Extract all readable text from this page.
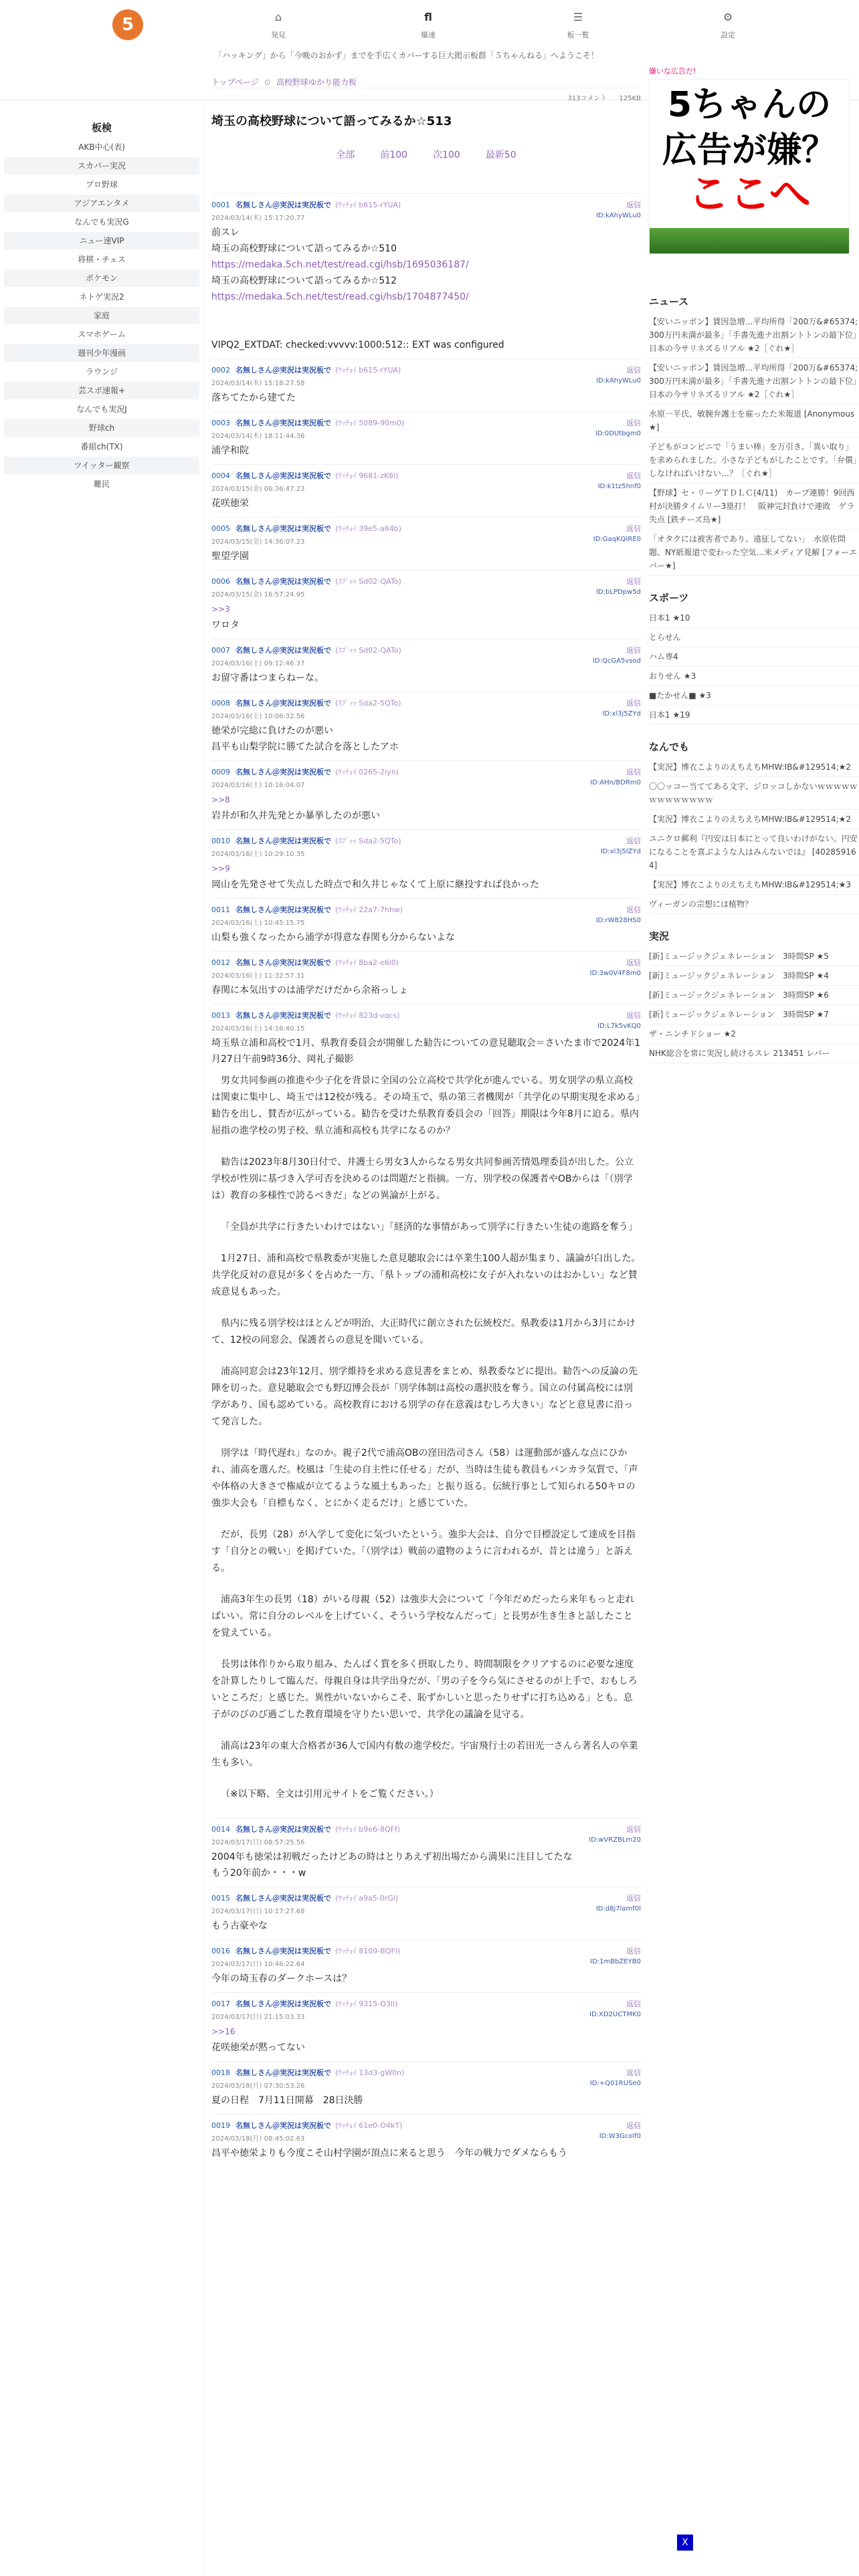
5	⌂
発見
fl
爆速
☰
板一覧
⚙
設定
「ハッキング」から「今晩のおかず」までを手広くカバーする巨大掲示板群「５ちゃんねる」へようこそ！
板検
AKB中心(表)
スカパー実況
プロ野球
アジアエンタメ
なんでも実況G
ニュー速VIP
将棋・チェス
ポケモン
ネトゲ実況2
家庭
スマホゲーム
週刊少年漫画
ラウンジ
芸スポ速報+
なんでも実況J
野球ch
番組ch(TX)
ツイッター観察
難民
トップページ ⊙ 高校野球ゆかり能力板
313コメント 125KB
埼玉の高校野球について語ってみるか☆513
全部	前100	次100	最新50
0001 名無しさん＠実況は実況板で (ﾜｯﾁｮｲ b615-rYUA)	返信
2024/03/14(木) 15:17:20.77	ID:kAhyWLu0
前スレ
埼玉の高校野球について語ってみるか☆510
https://medaka.5ch.net/test/read.cgi/hsb/1695036187/
埼玉の高校野球について語ってみるか☆512
https://medaka.5ch.net/test/read.cgi/hsb/1704877450/

VIPQ2_EXTDAT: checked:vvvvv:1000:512:: EXT was configured
0002 名無しさん＠実況は実況板で (ﾜｯﾁｮｲ b615-rYUA)	返信
2024/03/14(木) 15:18:27.58	ID:kAhyWLu0
落ちてたから建てた
0003 名無しさん＠実況は実況板で (ﾜｯﾁｮｲ 5089-90m0)	返信
2024/03/14(木) 18:11:44.36	ID:0DUtbgm0
浦学和院
0004 名無しさん＠実況は実況板で (ﾜｯﾁｮｲ 9681-zK6l)	返信
2024/03/15(金) 06:36:47.23	ID:k1tz5hnf0
花咲徳栄
0005 名無しさん＠実況は実況板で (ﾜｯﾁｮｲ 39e5-a64b)	返信
2024/03/15(金) 14:36:07.23	ID:GaqKQIRE0
聖望学園
0006 名無しさん＠実況は実況板で (ｽﾌﾟｯｯ Sd02-QATo)	返信
2024/03/15(金) 16:57:24.95	ID:bLPDpw5d
>>3
ワロタ
0007 名無しさん＠実況は実況板で (ｽﾌﾟｯｯ Sd02-QATo)	返信
2024/03/16(土) 09:12:46.37	ID:QcGA5vsod
お留守番はつまらねーな。
0008 名無しさん＠実況は実況板で (ｽﾌﾟｯｯ Sda2-5QTo)	返信
2024/03/16(土) 10:06:32.56	ID:xl3j5ZYd
徳栄が完総に負けたのが悪い
昌平も山梨学院に勝てた試合を落としたアホ
0009 名無しさん＠実況は実況板で (ﾜｯﾁｮｲ 0265-2iyn)	返信
2024/03/16(土) 10:16:04.07	ID:AHn/BDRm0
>>8
岩井が和久井先発とか暴挙したのが悪い
0010 名無しさん＠実況は実況板で (ｽﾌﾟｯｯ Sda2-5QTo)	返信
2024/03/16(土) 10:29:10.35	ID:xl3j5lZYd
>>9
岡山を先発させて失点した時点で和久井じゃなくて上原に継投すれば良かった
0011 名無しさん＠実況は実況板で (ﾜｯﾁｮｲ 22a7-7hhw)	返信
2024/03/16(土) 10:45:15.75	ID:rW828HS0
山梨も強くなったから浦学が得意な春関も分からないよな
0012 名無しさん＠実況は実況板で (ﾜｯﾁｮｲ 8ba2-e6l0)	返信
2024/03/16(土) 11:32:57.31	ID:3w0V4F8m0
春関に本気出すのは浦学だけだから余裕っしょ
0013 名無しさん＠実況は実況板で (ﾜｯﾁｮｲ 823d-vqcs)	返信
2024/03/16(土) 14:16:40.15	ID:L7k5vKQ0
埼玉県立浦和高校で1月、県教育委員会が開催した勧告についての意見聴取会＝さいたま市で2024年1月27日午前9時36分、岡礼子撮影

男女共同参画の推進や少子化を背景に全国の公立高校で共学化が進んでいる。男女別学の県立高校は関東に集中し、埼玉では12校が残る。その埼玉で、県の第三者機関が「共学化の早期実現を求める」勧告を出し、賛否が広がっている。勧告を受けた県教育委員会の「回答」期限は今年8月に迫る。県内屈指の進学校の男子校、県立浦和高校も共学になるのか？

勧告は2023年8月30日付で、井護士ら男女3人からなる男女共同参画苦情処理委員が出した。公立学校が性別に基づき入学可否を決めるのは問題だと指摘。一方、別学校の保護者やOBからは「（別学は）教育の多様性で誇るべきだ」などの異論が上がる。

「全員が共学に行きたいわけではない」「経済的な事情があって別学に行きたい生徒の進路を奪う」

1月27日、浦和高校で県教委が実施した意見聴取会には卒業生100人超が集まり、議論が白出した。共学化反対の意見が多くを占めた一方、「県トップの浦和高校に女子が入れないのはおかしい」など賛成意見もあった。

県内に残る別学校はほとんどが明治、大正時代に創立された伝統校だ。県教委は1月から3月にかけて、12校の同窓会、保護者らの意見を聞いている。

浦高同窓会は23年12月、別学維持を求める意見書をまとめ、県教委などに提出。勧告への反論の先陣を切った。意見聴取会でも野辺博会長が「別学体制は高校の選択肢を奪う。国立の付属高校には別学があり、国も認めている。高校教育における別学の存在意義はむしろ大きい」などと意見書に沿って発言した。

別学は「時代遅れ」なのか。親子2代で浦高OBの窪田浩司さん（58）は運動部が盛んな点にひかれ、浦高を選んだ。校風は「生徒の自主性に任せる」だが、当時は生徒も教員もバンカラ気質で、「声や体格の大きさで権威が立てるような風土もあった」と振り返る。伝統行事として知られる50キロの強歩大会も「自標もなく、とにかく走るだけ」と感じていた。

だが、長男（28）が入学して変化に気づいたという。強歩大会は、自分で目標設定して達成を目指す「自分との戦い」を掲げていた。「（別学は）戦前の遺物のように言われるが、昔とは違う」と訴える。

浦高3年生の長男（18）がいる母親（52）は強歩大会について「今年だめだったら来年もっと走ればいい。常に自分のレベルを上げていく、そういう学校なんだって」と長男が生き生きと話したことを覚えている。

長男は体作りから取り組み、たんぱく質を多く摂取したり、時間制限をクリアするのに必要な速度を計算したりして臨んだ。母親自身は共学出身だが、「男の子を今ら気にさせるのが上手で、おもしろいところだ」と感じた。異性がいないからこそ、恥ずかしいと思ったりせずに打ち込める」とも。息子がのびのび過ごした教育環境を守りたい思いで、共学化の議論を見守る。

浦高は23年の東大合格者が36人で国内有数の進学校だ。宇宙飛行士の若田光一さんら著名人の卒業生も多い。

（※以下略、全文は引用元サイトをご覧ください。）

0014 名無しさん＠実況は実況板で (ﾜｯﾁｮｲ b9e6-8QFf)	返信
2024/03/17(日) 08:57:25.56	ID:wVRZBLm20
2004年も徳栄は初戦だったけどあの時はとりあえず初出場だから満果に注目してたな
もう20年前か・・・w
0015 名無しさん＠実況は実況板で (ﾜｯﾁｮｲ a9a5-0rGl)	返信
2024/03/17(日) 10:17:27.68	ID:d8j7lamf0l
もう古豪やな
0016 名無しさん＠実況は実況板で (ﾜｯﾁｮｲ 8109-BQFl)	返信
2024/03/17(日) 10:46:22.64	ID:1mBbZEYB0
今年の埼玉春のダークホースは？
0017 名無しさん＠実況は実況板で (ﾜｯﾁｮｲ 9315-Q3Il)	返信
2024/03/17(日) 21:15:03.33	ID:XD2UCTMK0
>>16
花咲徳栄が黙ってない
0018 名無しさん＠実況は実況板で (ﾜｯﾁｮｲ 13d3-gW0n)	返信
2024/03/18(月) 07:30:53.26	ID:+Q01RUSe0
夏の日程　7月11日開幕　28日決勝
0019 名無しさん＠実況は実況板で (ﾜｯﾁｮｲ 61e0-O4kT)	返信
2024/03/18(月) 08:45:02.63	ID:W3Gcolf0
昌平や徳栄よりも今度こそ山村学園が頂点に来ると思う　今年の戦力でダメならもう
嫌いな広告だ!
5ちゃんの
広告が嫌？
ここへ
ニュース
【安いニッポン】賃因急増…平均所得「200万&#65374;300万円未満が最多」「手書先進ナ出割ントトンの最下位」日本の今サリネズるリアル ★2［ぐれ★］
【安いニッポン】賃因急増…平均所得「200万&#65374;300万円未満が最多」「手書先進ナ出割ントトンの最下位」日本の今サリネズるリアル ★2［ぐれ★］
水原一平氏、敏腕弁護士を雇ったた米報道 [Anonymous★]
子どもがコンビニで「うまい棒」を万引き、「異い取り」を求められました。小さな子どもがしたことです。「弁償」しなければいけない…？［ぐれ★］
【野球】セ・リーグＴＤＬＣ(4/11)　カープ連勝！9回西村が決勝タイムリー3塁打！　阪神完封負けで連敗　ゲラ失点 [鉄チーズ烏★]
「オタクには被害者であり、遠征してない」　水原佐問題、NY紙報道で変わった空気…米メディア見解 [フォーエバー★]
スポーツ
日本1 ★10
とらせん
ハム専4
おりせん ★3
■たかせん■ ★3
日本1 ★19
なんでも
【実況】博衣こよりのえちえちMHW:IB&#129514;★2
〇〇ッコー当ててある文字、ジロッコしかないｗｗｗｗｗｗｗｗｗｗｗｗｗ
【実況】博衣こよりのえちえちMHW:IB&#129514;★2
ユニクロ郵利『円安は日本にとって良いわけがない。円安になることを喜ぶような人はみんないでは』 [402859164]
【実況】博衣こよりのえちえちMHW:IB&#129514;★3
ヴィーガンの宗想には植物？
実況
[新]ミュージックジェネレーション　3時間SP ★5
[新]ミュージックジェネレーション　3時間SP ★4
[新]ミュージックジェネレーション　3時間SP ★6
[新]ミュージックジェネレーション　3時間SP ★7
ザ・ニンチドショー ★2
NHK総合を常に実況し続けるスレ 213451 レバー
X
